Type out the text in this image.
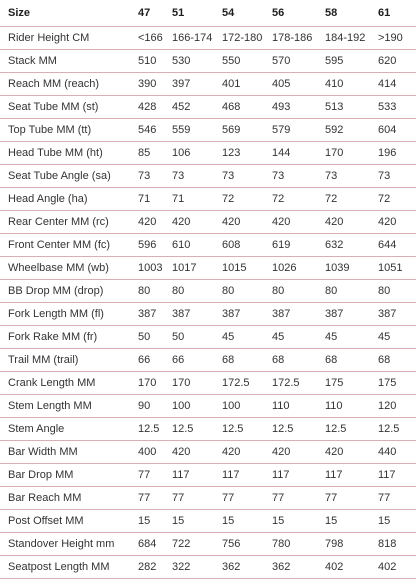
Size	47	51	54	56	58	61
Rider Height CM	<166	166-174	172-180	178-186	184-192	>190
Stack MM	510	530	550	570	595	620
Reach MM (reach)	390	397	401	405	410	414
Seat Tube MM (st)	428	452	468	493	513	533
Top Tube MM (tt)	546	559	569	579	592	604
Head Tube MM (ht)	85	106	123	144	170	196
Seat Tube Angle (sa)	73	73	73	73	73	73
Head Angle (ha)	71	71	72	72	72	72
Rear Center MM (rc)	420	420	420	420	420	420
Front Center MM (fc)	596	610	608	619	632	644
Wheelbase MM (wb)	1003	1017	1015	1026	1039	1051
BB Drop MM (drop)	80	80	80	80	80	80
Fork Length MM (fl)	387	387	387	387	387	387
Fork Rake MM (fr)	50	50	45	45	45	45
Trail MM (trail)	66	66	68	68	68	68
Crank Length MM	170	170	172.5	172.5	175	175
Stem Length MM	90	100	100	110	110	120
Stem Angle	12.5	12.5	12.5	12.5	12.5	12.5
Bar Width MM	400	420	420	420	420	440
Bar Drop MM	77	117	117	117	117	117
Bar Reach MM	77	77	77	77	77	77
Post Offset MM	15	15	15	15	15	15
Standover Height mm	684	722	756	780	798	818
Seatpost Length MM	282	322	362	362	402	402
